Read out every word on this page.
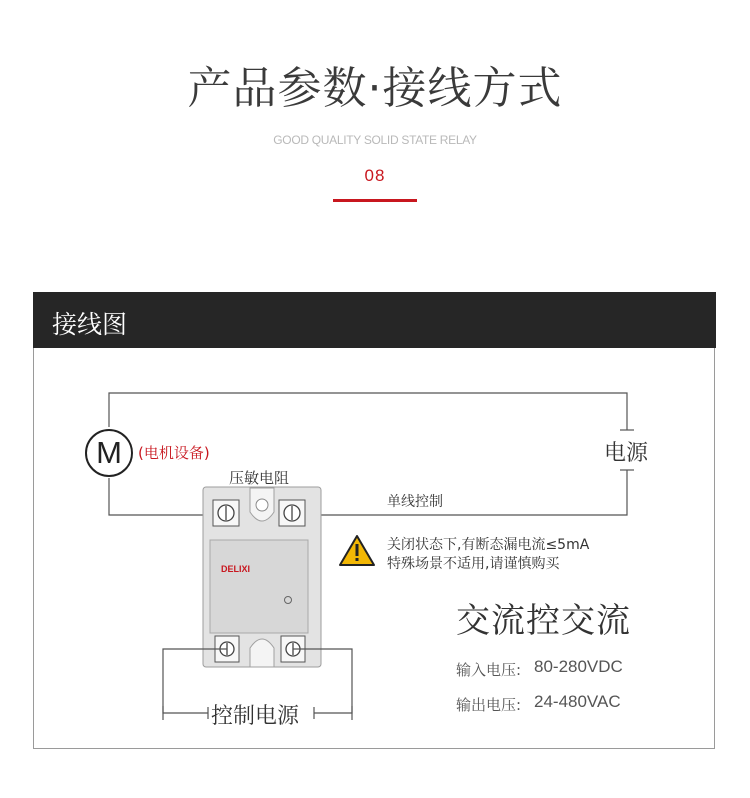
产品参数·接线方式
GOOD QUALITY SOLID STATE RELAY
08
接线图
M	(电机设备)	电源
压敏电阻
单线控制
DELIXI
关闭状态下,有断态漏电流≤5mA
特殊场景不适用,请谨慎购买
交流控交流
输入电压: 80-280VDC
输出电压: 24-480VAC
控制电源
